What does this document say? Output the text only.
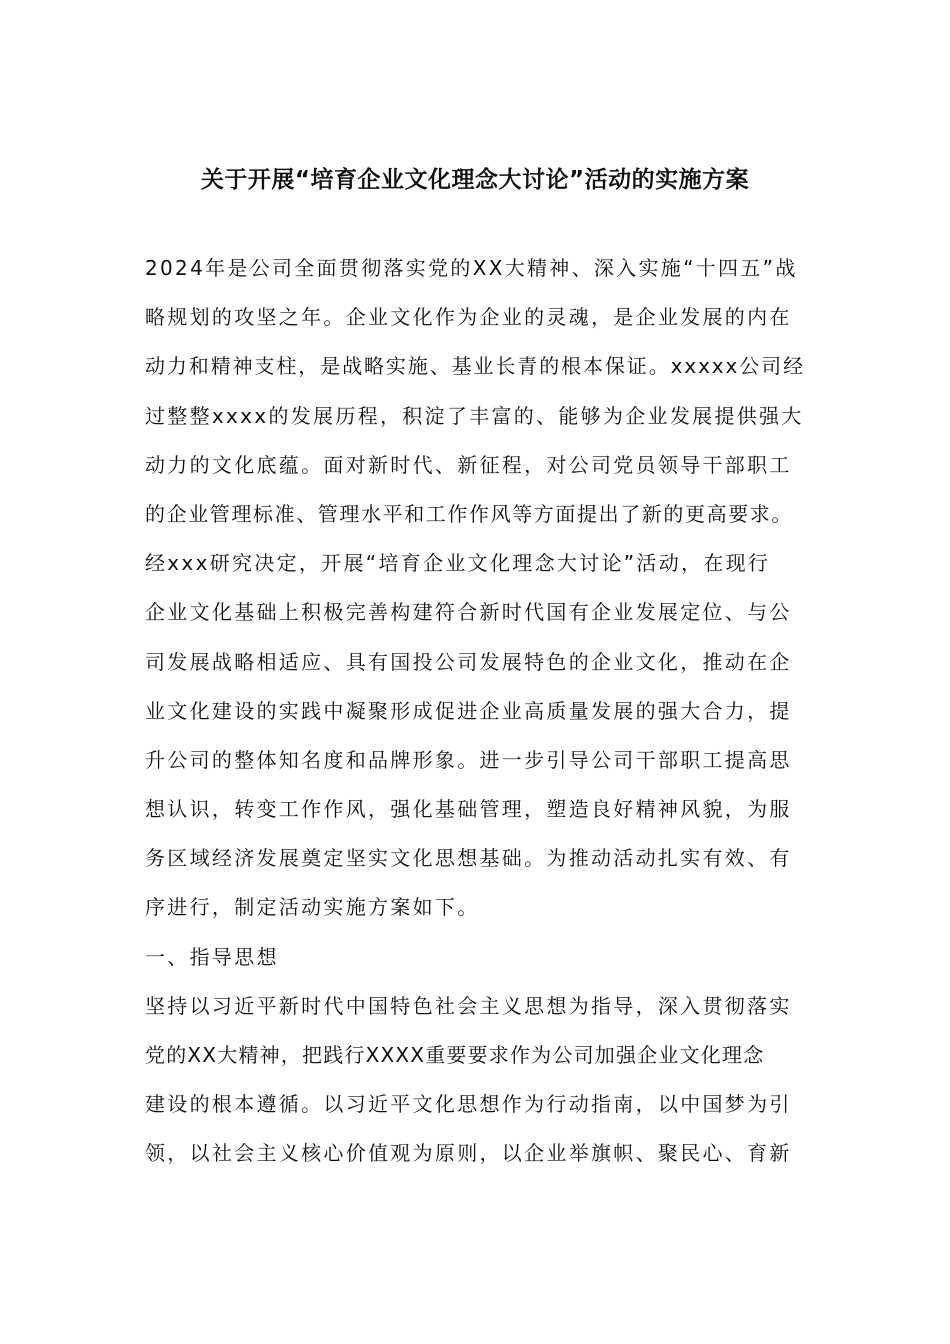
关于开展“培育企业文化理念大讨论”活动的实施方案
2024年是公司全面贯彻落实党的XX大精神、深入实施“十四五”战
略规划的攻坚之年。企业文化作为企业的灵魂，是企业发展的内在
动力和精神支柱，是战略实施、基业长青的根本保证。xxxxx公司经
过整整xxxx的发展历程，积淀了丰富的、能够为企业发展提供强大
动力的文化底蕴。面对新时代、新征程，对公司党员领导干部职工
的企业管理标准、管理水平和工作作风等方面提出了新的更高要求。
经xxx研究决定，开展“培育企业文化理念大讨论”活动，在现行
企业文化基础上积极完善构建符合新时代国有企业发展定位、与公
司发展战略相适应、具有国投公司发展特色的企业文化，推动在企
业文化建设的实践中凝聚形成促进企业高质量发展的强大合力，提
升公司的整体知名度和品牌形象。进一步引导公司干部职工提高思
想认识，转变工作作风，强化基础管理，塑造良好精神风貌，为服
务区域经济发展奠定坚实文化思想基础。为推动活动扎实有效、有
序进行，制定活动实施方案如下。
一、指导思想
坚持以习近平新时代中国特色社会主义思想为指导，深入贯彻落实
党的XX大精神，把践行XXXX重要要求作为公司加强企业文化理念
建设的根本遵循。以习近平文化思想作为行动指南，以中国梦为引
领，以社会主义核心价值观为原则，以企业举旗帜、聚民心、育新
